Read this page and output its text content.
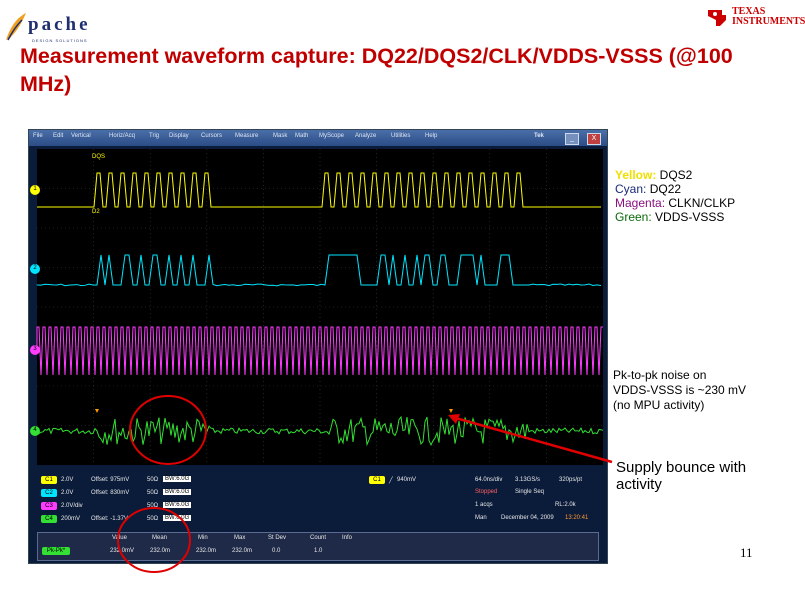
pache
DESIGN SOLUTIONS
TEXAS
INSTRUMENTS
Measurement waveform capture: DQ22/DQS2/CLK/VDDS-VSSS (@100 MHz)
File Edit Vertical	Horiz/Acq Trig Display Cursors Measure Mask Math MyScope Analyze Utilities Help	Tek	_	X
DQS
D2
1
2
3
4
C1	2.0V	Offset: 975mV	50Ω	BW:6.0G
C2	2.0V	Offset: 830mV	50Ω	BW:6.0G
C3	2.0V/div	50Ω	BW:6.0G
C4	200mV Offset: -1.37V	50Ω	BW:6.0G
C1	╱ 940mV	64.0ns/div 3.13GS/s	320ps/pt
Stopped	Single Seq
1 acqs	RL:2.0k
Man December 04, 2009 13:20:41
Value	Mean	Min	Max	St Dev	Count	Info
Pk-Pk*	232.0mV	232.0m	232.0m	232.0m	0.0	1.0
Yellow: DQS2
Cyan: DQ22
Magenta: CLKN/CLKP
Green: VDDS-VSSS
Pk-to-pk noise on
VDDS-VSSS is ~230 mV
(no MPU activity)
Supply bounce with
activity
11
